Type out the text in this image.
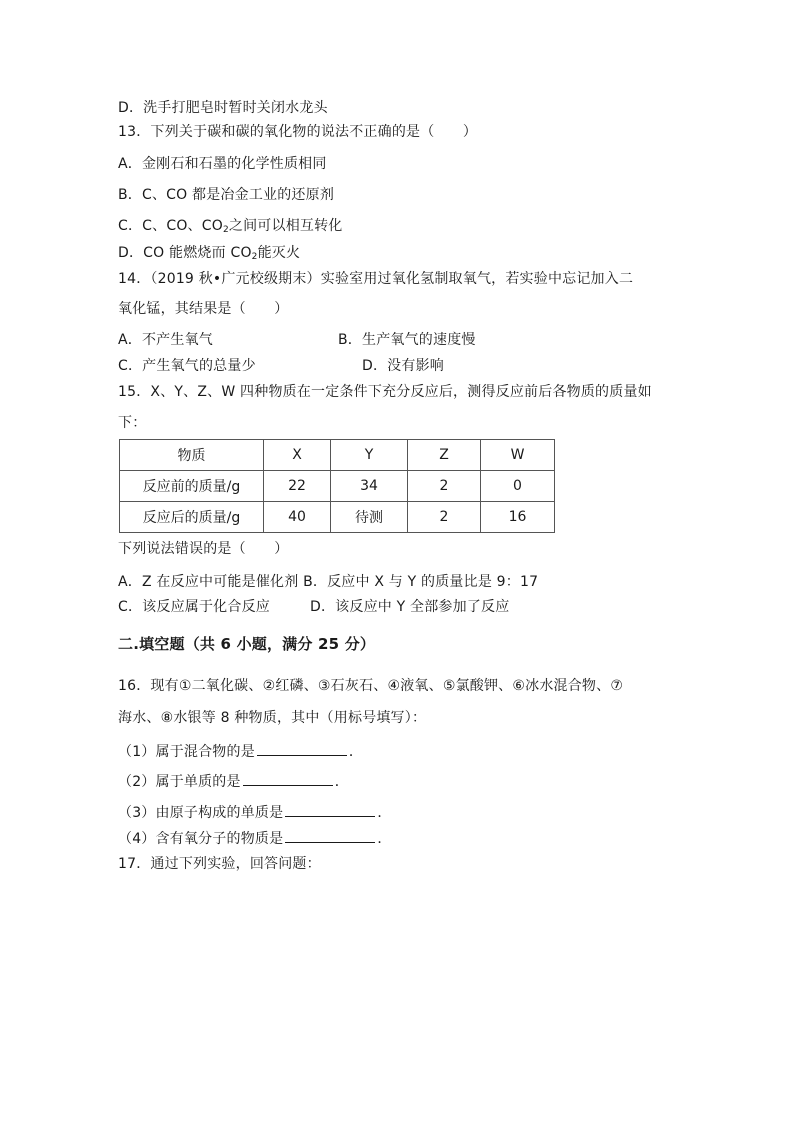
D．洗手打肥皂时暂时关闭水龙头
13．下列关于碳和碳的氧化物的说法不正确的是（　　）
A．金刚石和石墨的化学性质相同
B．C、CO 都是冶金工业的还原剂
C．C、CO、$CO_2$之间可以相互转化
D．CO 能燃烧而 $CO_2$能灭火
14．（2019 秋•广元校级期末）实验室用过氧化氢制取氧气，若实验中忘记加入二
氧化锰，其结果是（　　）
A．不产生氧气	B．生产氧气的速度慢
C．产生氧气的总量少	D．没有影响
15．X、Y、Z、W 四种物质在一定条件下充分反应后，测得反应前后各物质的质量如
下：
物质	X	Y	Z	W
反应前的质量/g	22	34	2	0
反应后的质量/g	40	待测	2	16
下列说法错误的是（　　）
A．Z 在反应中可能是催化剂 B．反应中 X 与 Y 的质量比是 9：17
C．该反应属于化合反应	D．该反应中 Y 全部参加了反应
二.填空题（共 6 小题，满分 25 分）
16．现有①二氧化碳、②红磷、③石灰石、④液氧、⑤氯酸钾、⑥冰水混合物、⑦
海水、⑧水银等 8 种物质，其中（用标号填写）：
（1）属于混合物的是	．
（2）属于单质的是	．
（3）由原子构成的单质是	．
（4）含有氧分子的物质是	．
17．通过下列实验，回答问题：
